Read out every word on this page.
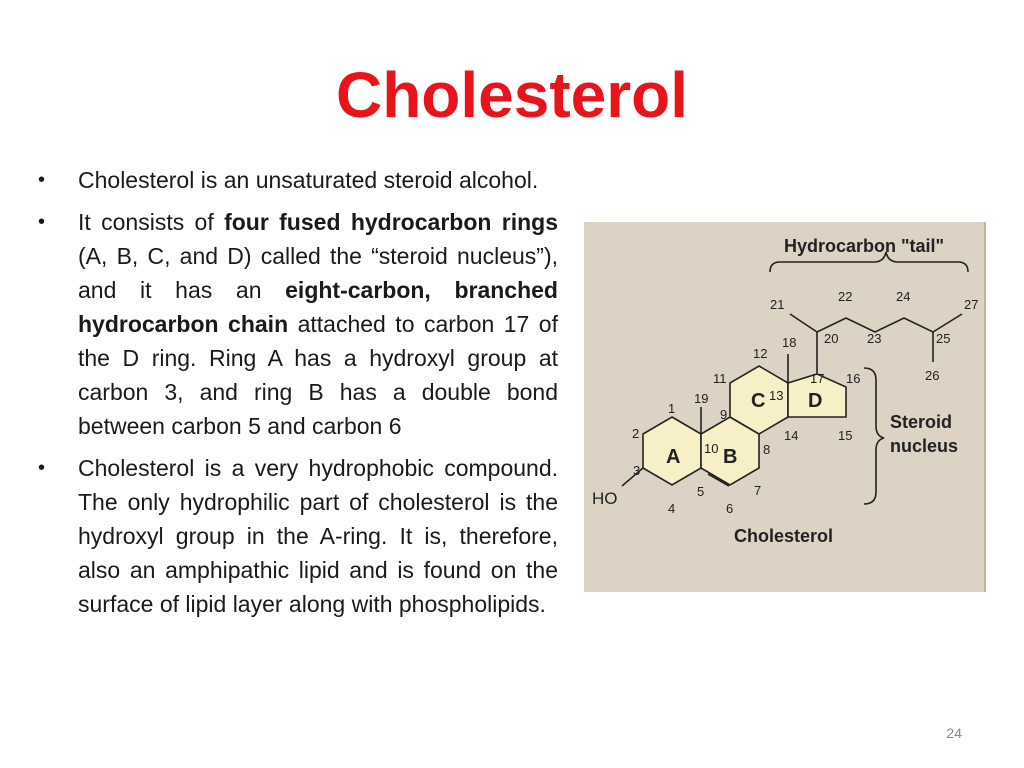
Cholesterol
• Cholesterol is an unsaturated steroid alcohol.
• It consists of four fused hydrocarbon rings (A, B, C, and D) called the “steroid nucleus”), and it has an eight-carbon, branched hydrocarbon chain attached to carbon 17 of the D ring. Ring A has a hydroxyl group at carbon 3, and ring B has a double bond between carbon 5 and carbon 6
• Cholesterol is a very hydrophobic compound. The only hydrophilic part of cholesterol is the hydroxyl group in the A-ring. It is, therefore, also an amphipathic lipid and is found on the surface of lipid layer along with phospholipids.
Hydrocarbon "tail"
Steroid
nucleus
Cholesterol
HO
A B
C D
1
2
3
4
5
6
7
8
9
10
11
12
13
14	15
16
17
18
19
20
21
22
23
24
25
26
27
24
